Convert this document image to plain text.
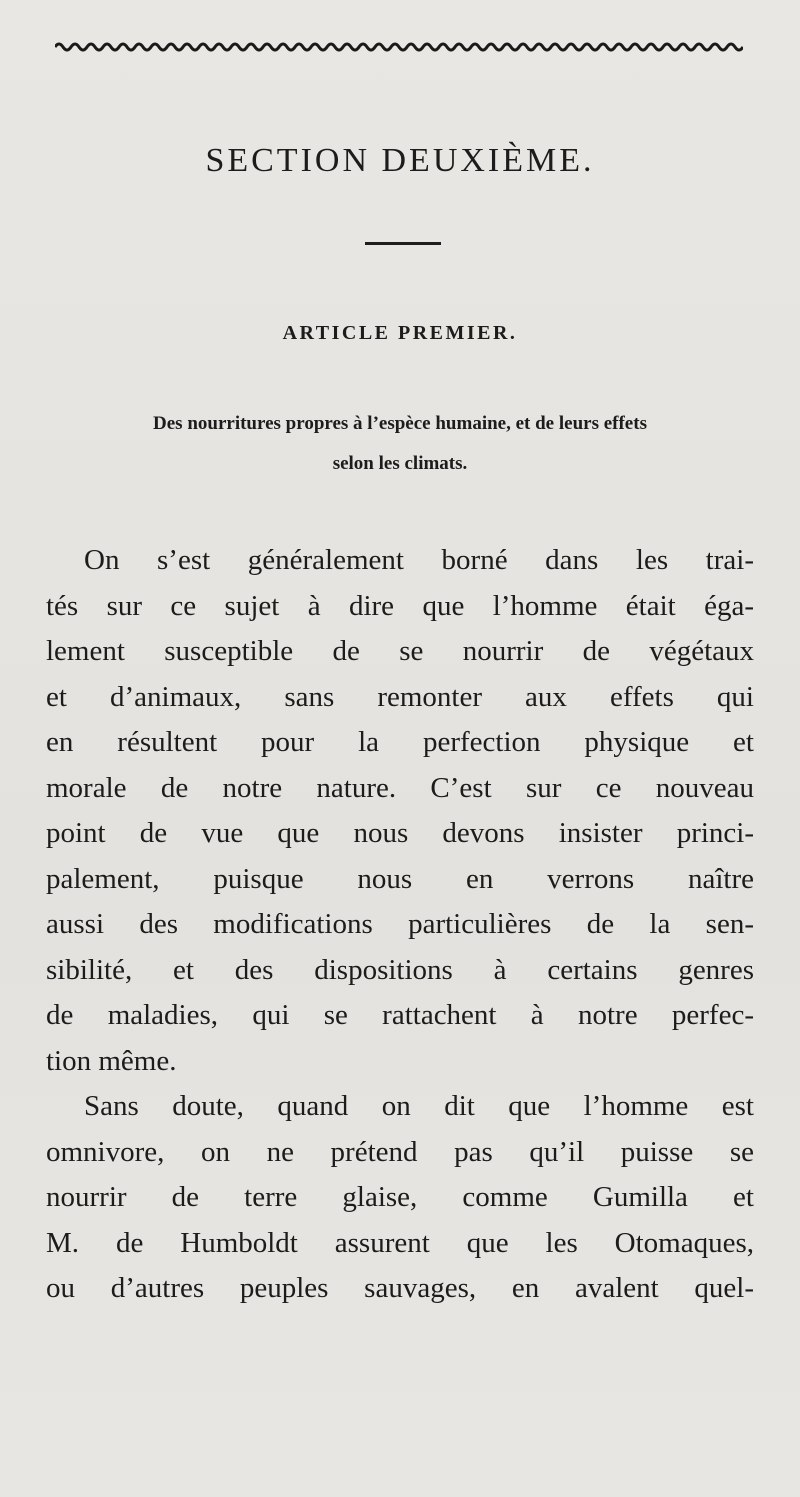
SECTION DEUXIÈME.
ARTICLE PREMIER.
Des nourritures propres à l’espèce humaine, et de leurs effets
selon les climats.
On s’est généralement borné dans les trai-
tés sur ce sujet à dire que l’homme était éga-
lement susceptible de se nourrir de végétaux
et d’animaux, sans remonter aux effets qui
en résultent pour la perfection physique et
morale de notre nature. C’est sur ce nouveau
point de vue que nous devons insister princi-
palement, puisque nous en verrons naître
aussi des modifications particulières de la sen-
sibilité, et des dispositions à certains genres
de maladies, qui se rattachent à notre perfec-
tion même.
Sans doute, quand on dit que l’homme est
omnivore, on ne prétend pas qu’il puisse se
nourrir de terre glaise, comme Gumilla et
M. de Humboldt assurent que les Otomaques,
ou d’autres peuples sauvages, en avalent quel-
